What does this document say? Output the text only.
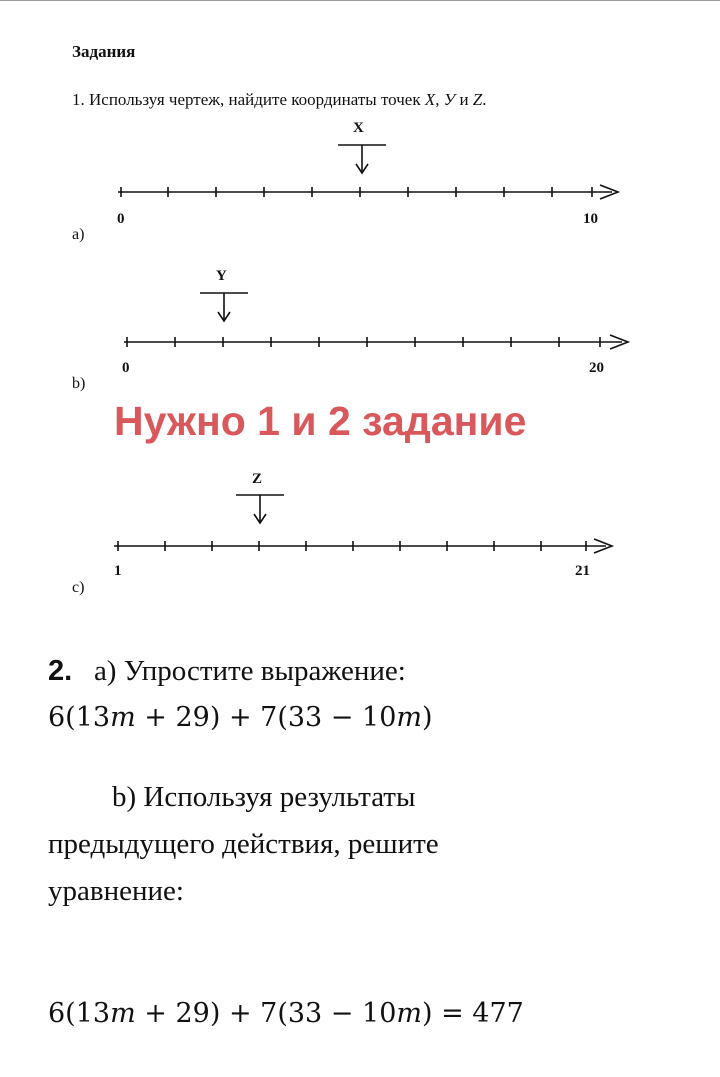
Задания
1. Используя чертеж, найдите координаты точек X, У и Z.
X
Y
Z
0	10
a)
0	20
b)
Нужно 1 и 2 задание
1	21
c)
2. a) Упростите выражение:
6(13m + 29) + 7(33 − 10m)
b) Используя результаты
предыдущего действия, решите
уравнение:
6(13m + 29) + 7(33 − 10m) = 477
